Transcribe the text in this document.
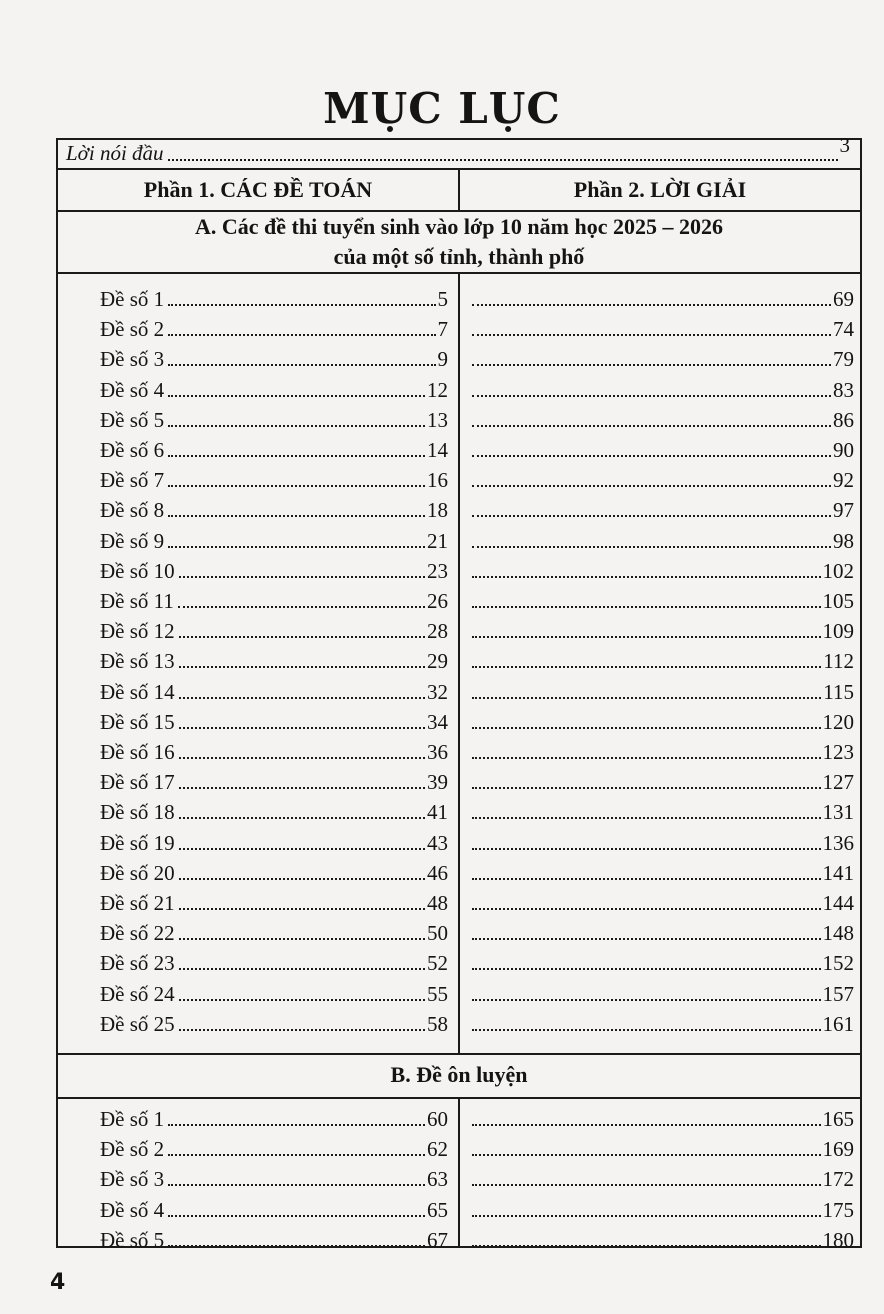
MỤC LỤC
Lời nói đầu	3
Phần 1. CÁC ĐỀ TOÁN	Phần 2. LỜI GIẢI
A. Các đề thi tuyển sinh vào lớp 10 năm học 2025 – 2026
của một số tỉnh, thành phố
B. Đề ôn luyện
Đề số 1	5	69
Đề số 2	7	74
Đề số 3	9	79
Đề số 4	12	83
Đề số 5	13	86
Đề số 6	14	90
Đề số 7	16	92
Đề số 8	18	97
Đề số 9	21	98
Đề số 10	23	102
Đề số 11	26	105
Đề số 12	28	109
Đề số 13	29	112
Đề số 14	32	115
Đề số 15	34	120
Đề số 16	36	123
Đề số 17	39	127
Đề số 18	41	131
Đề số 19	43	136
Đề số 20	46	141
Đề số 21	48	144
Đề số 22	50	148
Đề số 23	52	152
Đề số 24	55	157
Đề số 25	58	161
Đề số 1	60	165
Đề số 2	62	169
Đề số 3	63	172
Đề số 4	65	175
Đề số 5	67	180
4
